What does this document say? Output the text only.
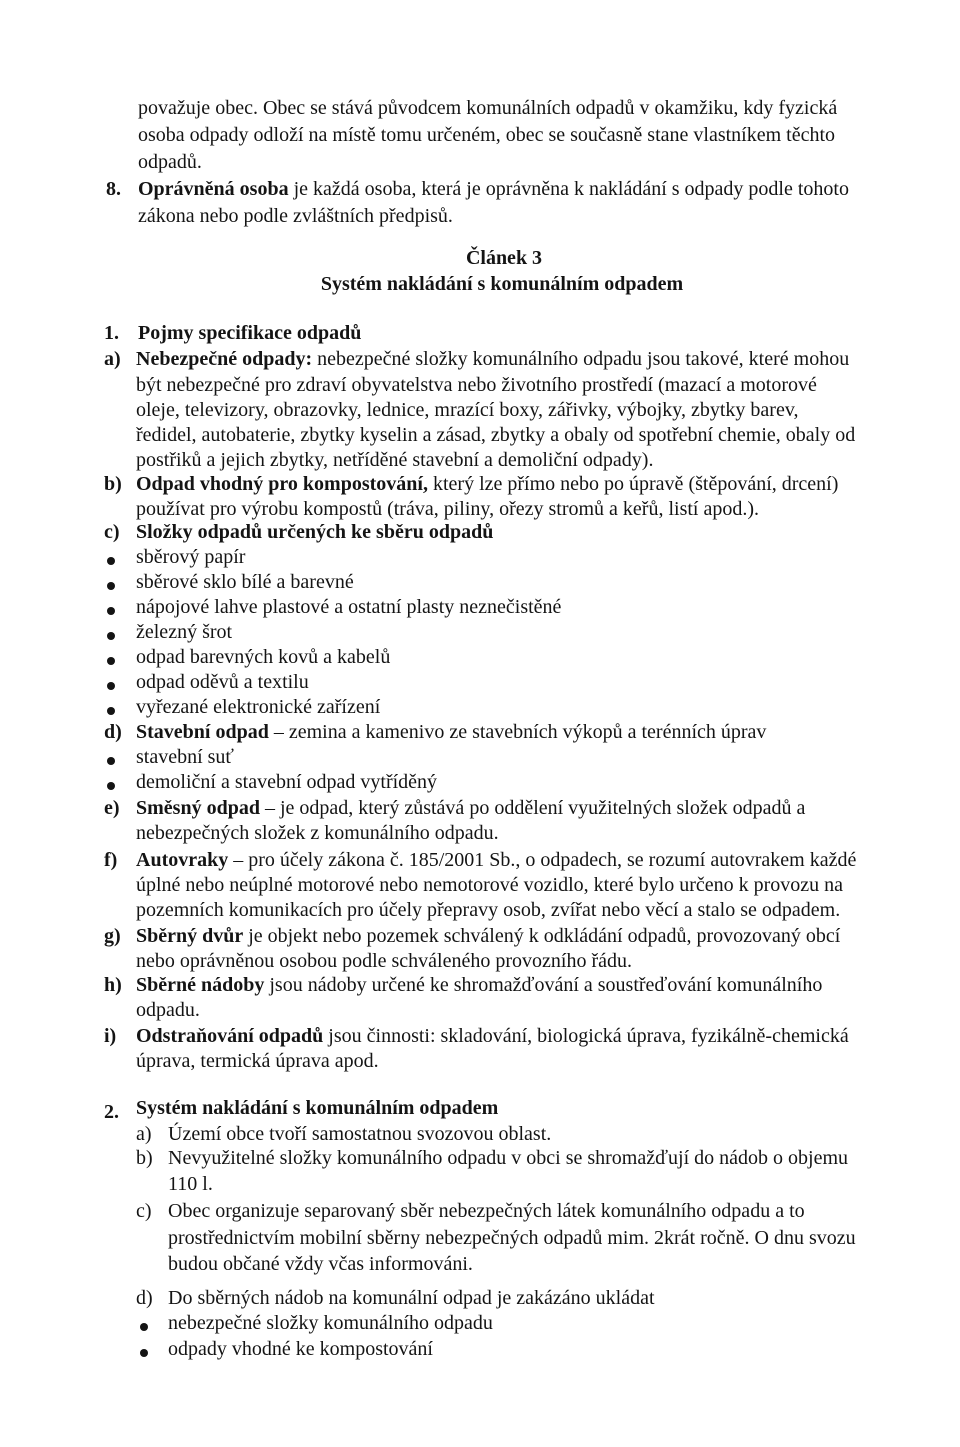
považuje obec. Obec se stává původcem komunálních odpadů v okamžiku, kdy fyzická
osoba odpady odloží na místě tomu určeném, obec se současně stane vlastníkem těchto
odpadů.
8. Oprávněná osoba je každá osoba, která je oprávněna k nakládání s odpady podle tohoto
zákona nebo podle zvláštních předpisů.
Článek 3
Systém nakládání s komunálním odpadem
1. Pojmy specifikace odpadů
a) Nebezpečné odpady: nebezpečné složky komunálního odpadu jsou takové, které mohou
být nebezpečné pro zdraví obyvatelstva nebo životního prostředí (mazací a motorové
oleje, televizory, obrazovky, lednice, mrazící boxy, zářivky, výbojky, zbytky barev,
ředidel, autobaterie, zbytky kyselin a zásad, zbytky a obaly od spotřební chemie, obaly od
postřiků a jejich zbytky, netříděné stavební a demoliční odpady).
b) Odpad vhodný pro kompostování, který lze přímo nebo po úpravě (štěpování, drcení)
používat pro výrobu kompostů (tráva, piliny, ořezy stromů a keřů, listí apod.).
c) Složky odpadů určených ke sběru odpadů
sběrový papír
sběrové sklo bílé a barevné
nápojové lahve plastové a ostatní plasty neznečistěné
železný šrot
odpad barevných kovů a kabelů
odpad oděvů a textilu
vyřezané elektronické zařízení
d) Stavební odpad – zemina a kamenivo ze stavebních výkopů a terénních úprav
stavební suť
demoliční a stavební odpad vytříděný
e) Směsný odpad – je odpad, který zůstává po oddělení využitelných složek odpadů a
nebezpečných složek z komunálního odpadu.
f) Autovraky – pro účely zákona č. 185/2001 Sb., o odpadech, se rozumí autovrakem každé
úplné nebo neúplné motorové nebo nemotorové vozidlo, které bylo určeno k provozu na
pozemních komunikacích pro účely přepravy osob, zvířat nebo věcí a stalo se odpadem.
g) Sběrný dvůr je objekt nebo pozemek schválený k odkládání odpadů, provozovaný obcí
nebo oprávněnou osobou podle schváleného provozního řádu.
h) Sběrné nádoby jsou nádoby určené ke shromažďování a soustřeďování komunálního
odpadu.
i) Odstraňování odpadů jsou činnosti: skladování, biologická úprava, fyzikálně-chemická
úprava, termická úprava apod.
2. Systém nakládání s komunálním odpadem
a) Území obce tvoří samostatnou svozovou oblast.
b) Nevyužitelné složky komunálního odpadu v obci se shromažďují do nádob o objemu
110 l.
c) Obec organizuje separovaný sběr nebezpečných látek komunálního odpadu a to
prostřednictvím mobilní sběrny nebezpečných odpadů mim. 2krát ročně. O dnu svozu
budou občané vždy včas informováni.
d) Do sběrných nádob na komunální odpad je zakázáno ukládat
nebezpečné složky komunálního odpadu
odpady vhodné ke kompostování
